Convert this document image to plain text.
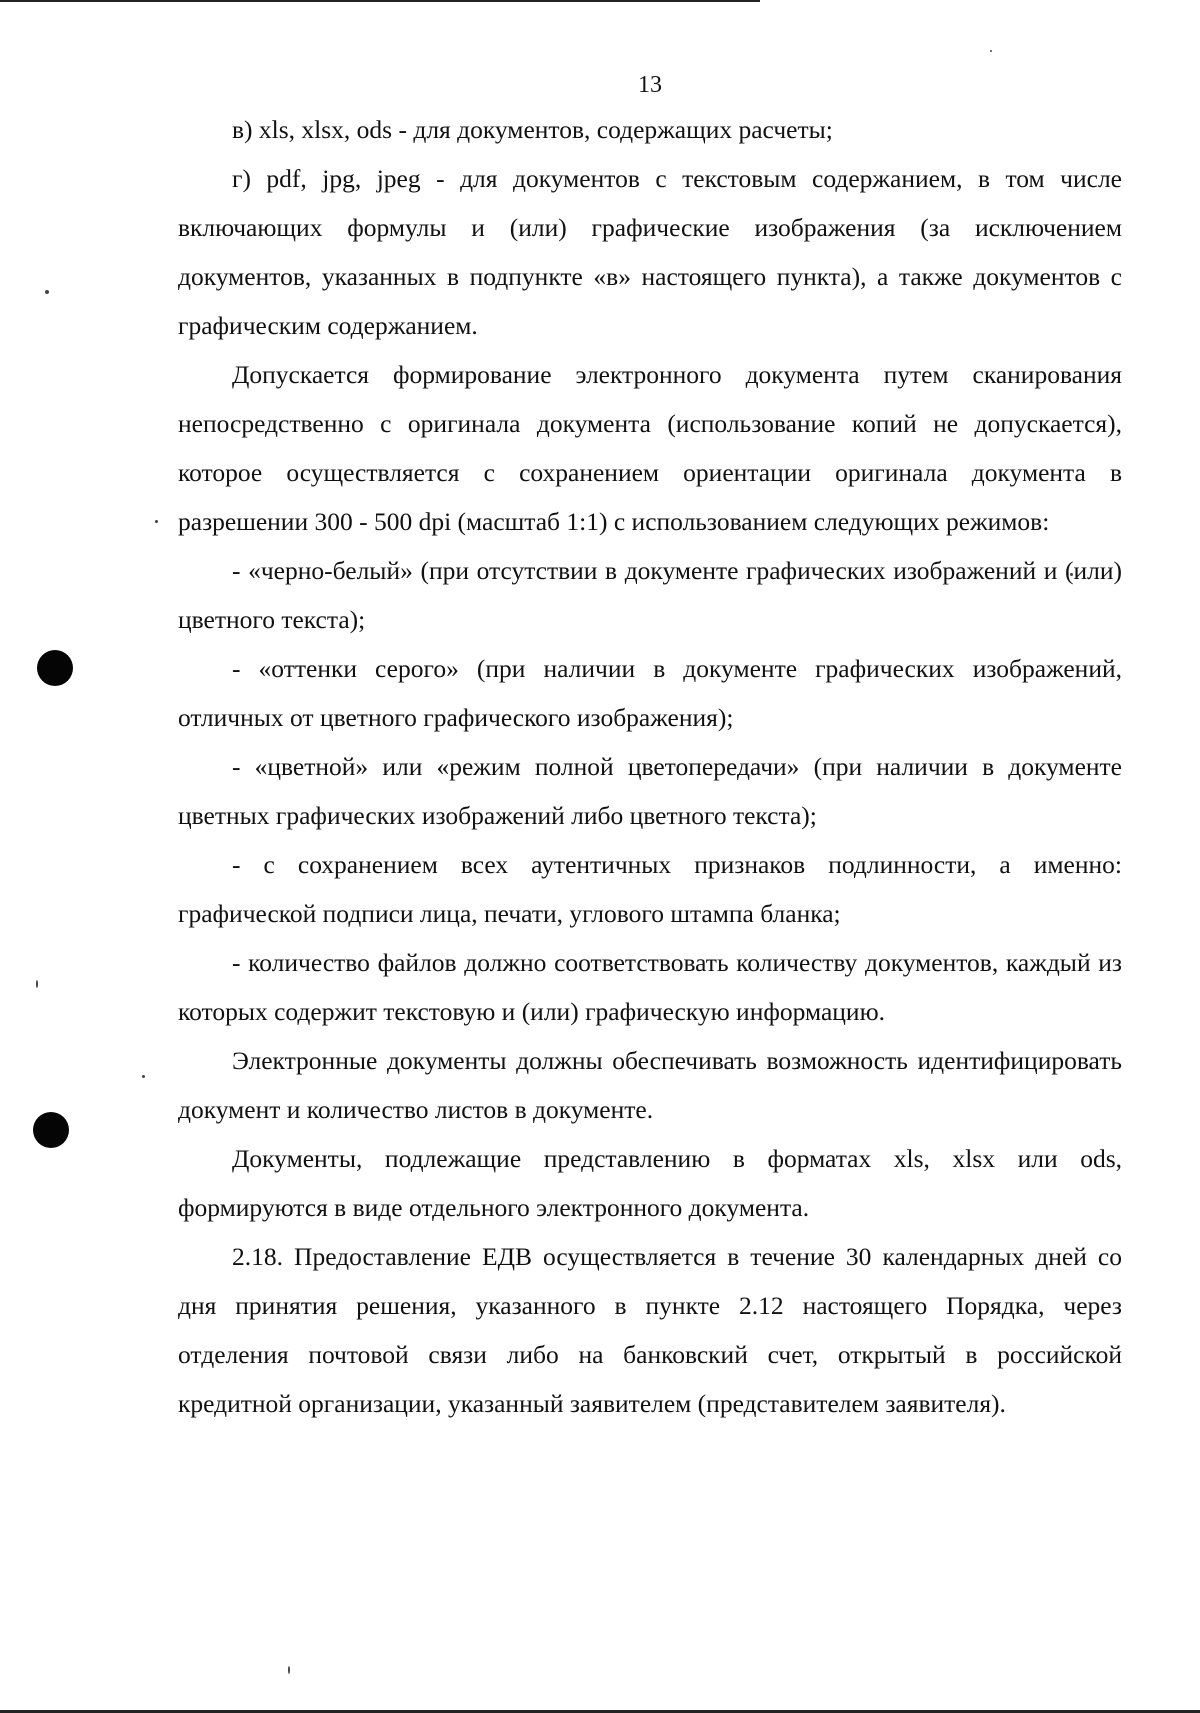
13

в) xls, xlsx, ods - для документов, содержащих расчеты;

г) pdf, jpg, jpeg - для документов с текстовым содержанием, в том числе включающих формулы и (или) графические изображения (за исключением документов, указанных в подпункте «в» настоящего пункта), а также документов с графическим содержанием.

Допускается формирование электронного документа путем сканирования непосредственно с оригинала документа (использование копий не допускается), которое осуществляется с сохранением ориентации оригинала документа в разрешении 300 - 500 dpi (масштаб 1:1) с использованием следующих режимов:

- «черно-белый» (при отсутствии в документе графических изображений и (или) цветного текста);

- «оттенки серого» (при наличии в документе графических изображений, отличных от цветного графического изображения);

- «цветной» или «режим полной цветопередачи» (при наличии в документе цветных графических изображений либо цветного текста);

- с сохранением всех аутентичных признаков подлинности, а именно: графической подписи лица, печати, углового штампа бланка;

- количество файлов должно соответствовать количеству документов, каждый из которых содержит текстовую и (или) графическую информацию.

Электронные документы должны обеспечивать возможность идентифицировать документ и количество листов в документе.

Документы, подлежащие представлению в форматах xls, xlsx или ods, формируются в виде отдельного электронного документа.

2.18. Предоставление ЕДВ осуществляется в течение 30 календарных дней со дня принятия решения, указанного в пункте 2.12 настоящего Порядка, через отделения почтовой связи либо на банковский счет, открытый в российской кредитной организации, указанный заявителем (представителем заявителя).
